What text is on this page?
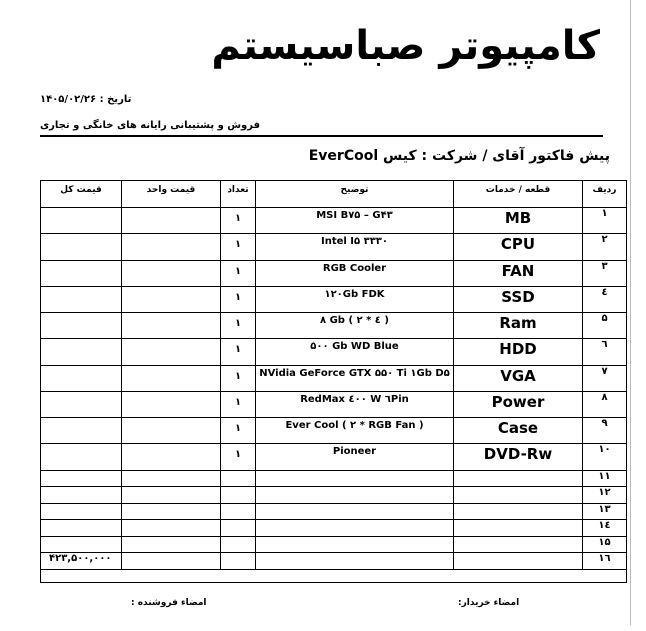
کامپیوتر صباسیستم
تاریخ : ۱۴۰۵/۰۲/۲۶
فروش و پشتیبانی رایانه های خانگی و تجاری
پیش فاکتور آقای / شرکت : کیس EverCool
قیمت کل	قیمت واحد	تعداد	توضیح	قطعه / خدمات	ردیف
		۱	MSI B۷۵ – G۴۳	MB	۱
		۱	Intel I۵ ۳۳۳۰	CPU	۲
		۱	RGB Cooler	FAN	۳
		۱	۱۲۰Gb FDK	SSD	٤
		۱	۸ Gb ( ۲ * ٤ )	Ram	۵
		۱	۵۰۰ Gb WD Blue	HDD	٦
		۱	NVidia GeForce GTX ۵۵۰ Ti ۱Gb D۵	VGA	۷
		۱	RedMax ٤۰۰ W ٦Pin	Power	۸
		۱	Ever Cool ( ۲ * RGB Fan )	Case	۹
		۱	Pioneer	DVD-Rw	۱۰
					۱۱
					۱۲
					۱۳
					۱٤
					۱۵
۴۲۳,۵۰۰,۰۰۰					۱٦

امضاء خریدار:
امضاء فروشنده :
